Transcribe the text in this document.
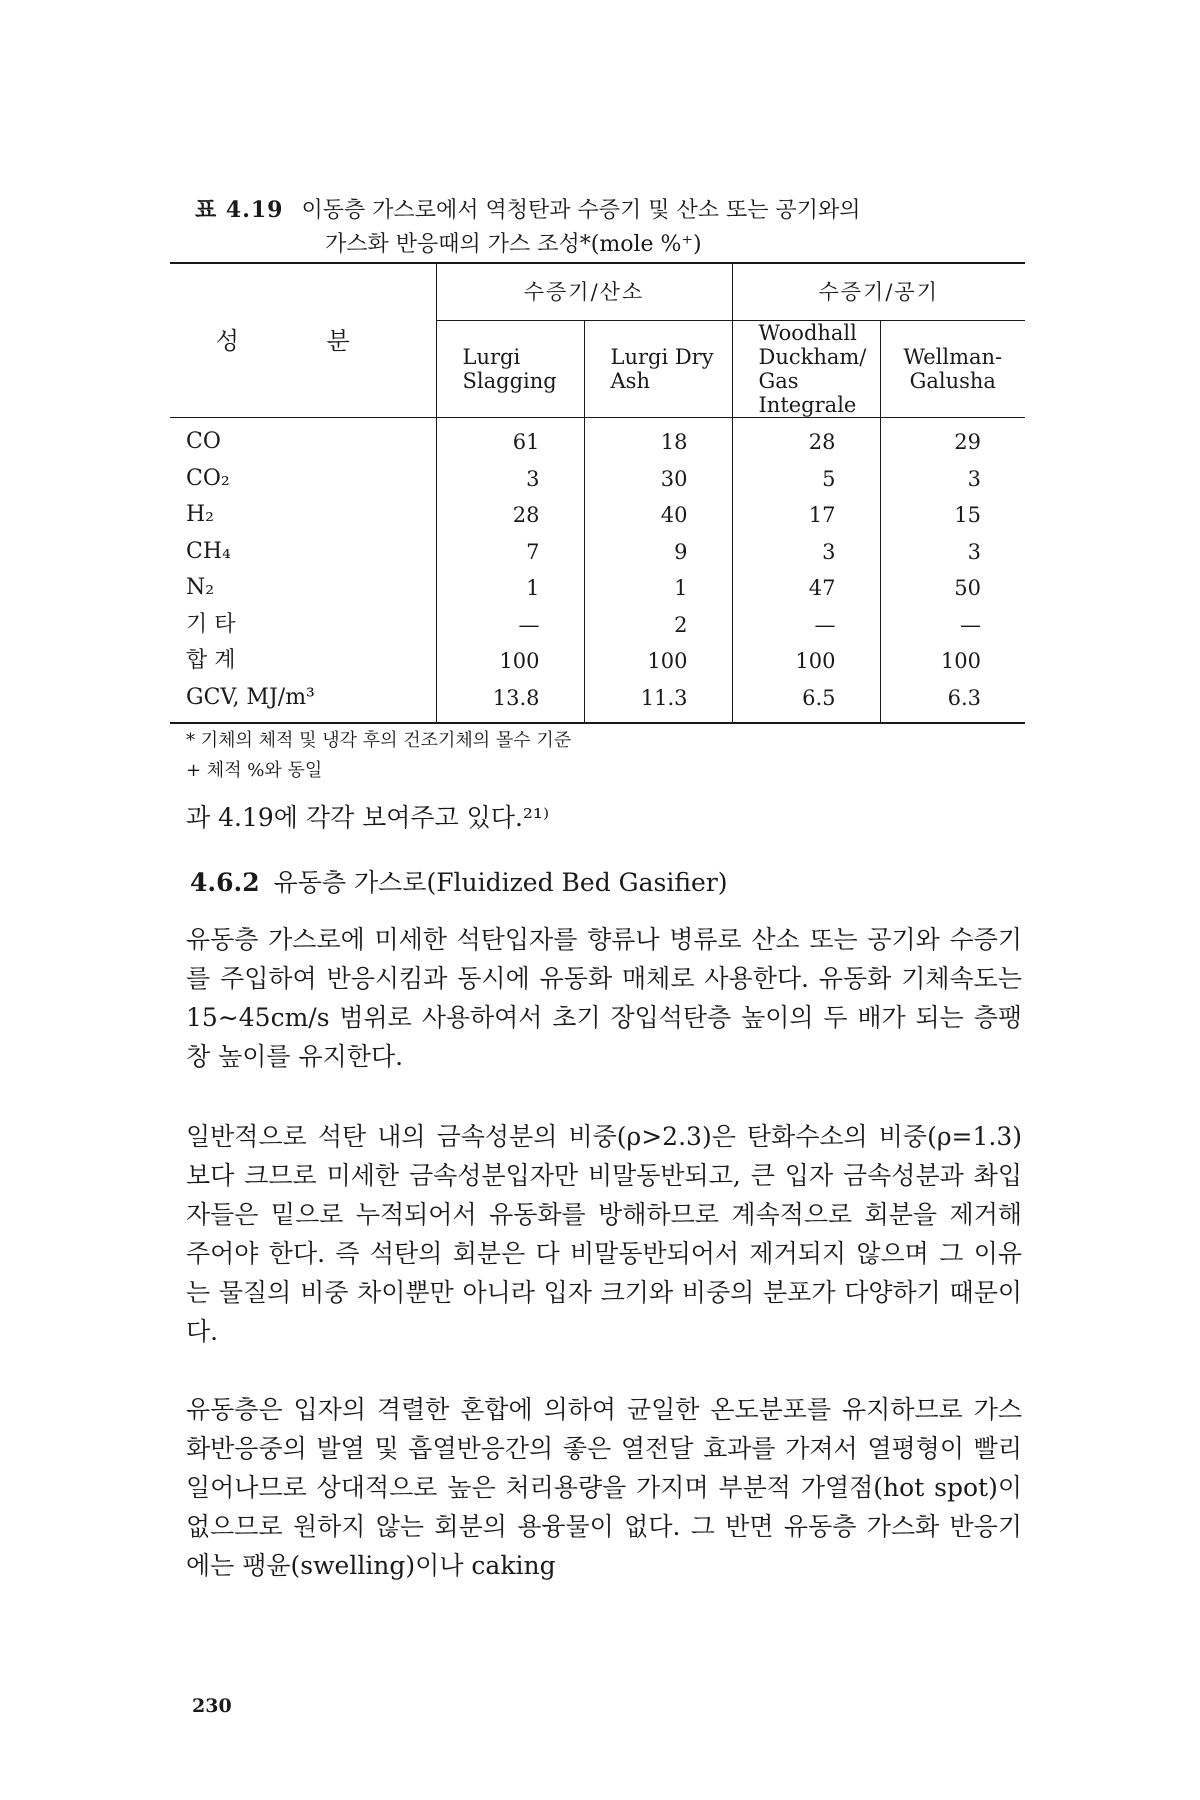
표 4.19 이동층 가스로에서 역청탄과 수증기 및 산소 또는 공기와의
가스화 반응때의 가스 조성*(mole %⁺)
성 분	수증기/산소		수증기/공기	
	Lurgi Slagging	Lurgi Dry Ash	Woodhall Duckham/ Gas Integrale	Wellman- Galusha
CO	61	18	28	29
CO₂	3	30	5	3
H₂	28	40	17	15
CH₄	7	9	3	3
N₂	1	1	47	50
기 타	—	2	—	—
합 계	100	100	100	100
GCV, MJ/m³	13.8	11.3	6.5	6.3
* 기체의 체적 및 냉각 후의 건조기체의 몰수 기준
+ 체적 %와 동일
과 4.19에 각각 보여주고 있다.²¹⁾
4.6.2 유동층 가스로(Fluidized Bed Gasifier)
유동층 가스로에 미세한 석탄입자를 향류나 병류로 산소 또는 공기와 수증기를 주입하여 반응시킴과 동시에 유동화 매체로 사용한다. 유동화 기체속도는 15∼45cm/s 범위로 사용하여서 초기 장입석탄층 높이의 두 배가 되는 층팽창 높이를 유지한다.
일반적으로 석탄 내의 금속성분의 비중(ρ>2.3)은 탄화수소의 비중(ρ=1.3)보다 크므로 미세한 금속성분입자만 비말동반되고, 큰 입자 금속성분과 촤입자들은 밑으로 누적되어서 유동화를 방해하므로 계속적으로 회분을 제거해 주어야 한다. 즉 석탄의 회분은 다 비말동반되어서 제거되지 않으며 그 이유는 물질의 비중 차이뿐만 아니라 입자 크기와 비중의 분포가 다양하기 때문이다.
유동층은 입자의 격렬한 혼합에 의하여 균일한 온도분포를 유지하므로 가스화반응중의 발열 및 흡열반응간의 좋은 열전달 효과를 가져서 열평형이 빨리 일어나므로 상대적으로 높은 처리용량을 가지며 부분적 가열점(hot spot)이 없으므로 원하지 않는 회분의 용융물이 없다. 그 반면 유동층 가스화 반응기에는 팽윤(swelling)이나 caking
230
